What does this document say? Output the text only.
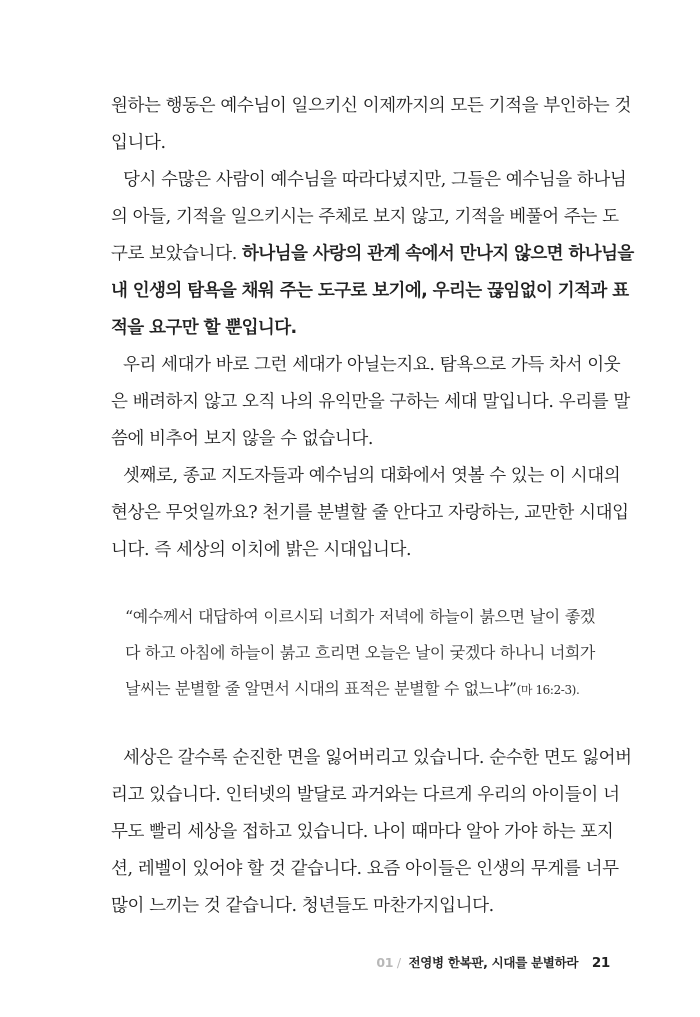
원하는 행동은 예수님이 일으키신 이제까지의 모든 기적을 부인하는 것
입니다.
당시 수많은 사람이 예수님을 따라다녔지만, 그들은 예수님을 하나님
의 아들, 기적을 일으키시는 주체로 보지 않고, 기적을 베풀어 주는 도
구로 보았습니다. 하나님을 사랑의 관계 속에서 만나지 않으면 하나님을
내 인생의 탐욕을 채워 주는 도구로 보기에, 우리는 끊임없이 기적과 표
적을 요구만 할 뿐입니다.
우리 세대가 바로 그런 세대가 아닐는지요. 탐욕으로 가득 차서 이웃
은 배려하지 않고 오직 나의 유익만을 구하는 세대 말입니다. 우리를 말
씀에 비추어 보지 않을 수 없습니다.
셋째로, 종교 지도자들과 예수님의 대화에서 엿볼 수 있는 이 시대의
현상은 무엇일까요? 천기를 분별할 줄 안다고 자랑하는, 교만한 시대입
니다. 즉 세상의 이치에 밝은 시대입니다.
“예수께서 대답하여 이르시되 너희가 저녁에 하늘이 붉으면 날이 좋겠
다 하고 아침에 하늘이 붉고 흐리면 오늘은 날이 궂겠다 하나니 너희가
날씨는 분별할 줄 알면서 시대의 표적은 분별할 수 없느냐”(마 16:2-3).
세상은 갈수록 순진한 면을 잃어버리고 있습니다. 순수한 면도 잃어버
리고 있습니다. 인터넷의 발달로 과거와는 다르게 우리의 아이들이 너
무도 빨리 세상을 접하고 있습니다. 나이 때마다 알아 가야 하는 포지
션, 레벨이 있어야 할 것 같습니다. 요즘 아이들은 인생의 무게를 너무
많이 느끼는 것 같습니다. 청년들도 마찬가지입니다.
01 / 전영병 한복판, 시대를 분별하라 21
